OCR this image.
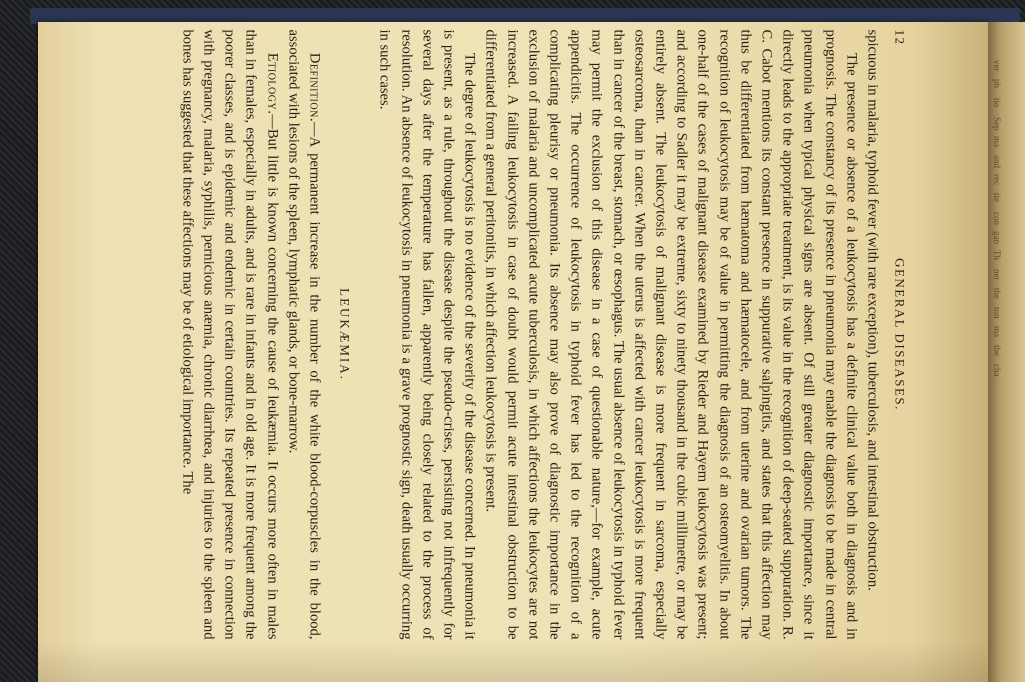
ver
ph
tio
Sep
ma
and
rec
tie
con
gan
Th
ner
the
ton
ma
the
cha
12
GENERAL DISEASES.

spicuous in malaria, typhoid fever (with rare exception), tuberculosis, and intestinal obstruction.

The presence or absence of a leukocytosis has a definite clinical value both in diagnosis and in prognosis. The constancy of its presence in pneumonia may enable the diagnosis to be made in central pneumonia when typical physical signs are absent. Of still greater diagnostic importance, since it directly leads to the appropriate treatment, is its value in the recognition of deep-seated suppuration. R. C. Cabot mentions its constant presence in suppurative salpingitis, and states that this affection may thus be differentiated from hæmatoma and hæmatocele, and from uterine and ovarian tumors. The recognition of leukocytosis may be of value in permitting the diagnosis of an osteomyelitis. In about one-half of the cases of malignant disease examined by Rieder and Hayem leukocytosis was present; and according to Sadler it may be extreme, sixty to ninety thousand in the cubic millimetre, or may be entirely absent. The leukocytosis of malignant disease is more frequent in sarcoma, especially osteosarcoma, than in cancer. When the uterus is affected with cancer leukocytosis is more frequent than in cancer of the breast, stomach, or œsophagus. The usual absence of leukocytosis in typhoid fever may permit the exclusion of this disease in a case of questionable nature,—for example, acute appendicitis. The occurrence of leukocytosis in typhoid fever has led to the recognition of a complicating pleurisy or pneumonia. Its absence may also prove of diagnostic importance in the exclusion of malaria and uncomplicated acute tuberculosis, in which affections the leukocytes are not increased. A failing leukocytosis in case of doubt would permit acute intestinal obstruction to be differentiated from a general peritonitis, in which affection leukocytosis is present.

The degree of leukocytosis is no evidence of the severity of the disease concerned. In pneumonia it is present, as a rule, throughout the disease despite the pseudo-crises, persisting not infrequently for several days after the temperature has fallen, apparently being closely related to the process of resolution. An absence of leukocytosis in pneumonia is a grave prognostic sign, death usually occurring in such cases.

LEUKÆMIA.

Definition.—A permanent increase in the number of the white blood-corpuscles in the blood, associated with lesions of the spleen, lymphatic glands, or bone-marrow.

Etiology.—But little is known concerning the cause of leukæmia. It occurs more often in males than in females, especially in adults, and is rare in infants and in old age. It is more frequent among the poorer classes, and is epidemic and endemic in certain countries. Its repeated presence in connection with pregnancy, malaria, syphilis, pernicious anæmia, chronic diarrhœa, and injuries to the spleen and bones has suggested that these affections may be of etiological importance. The
